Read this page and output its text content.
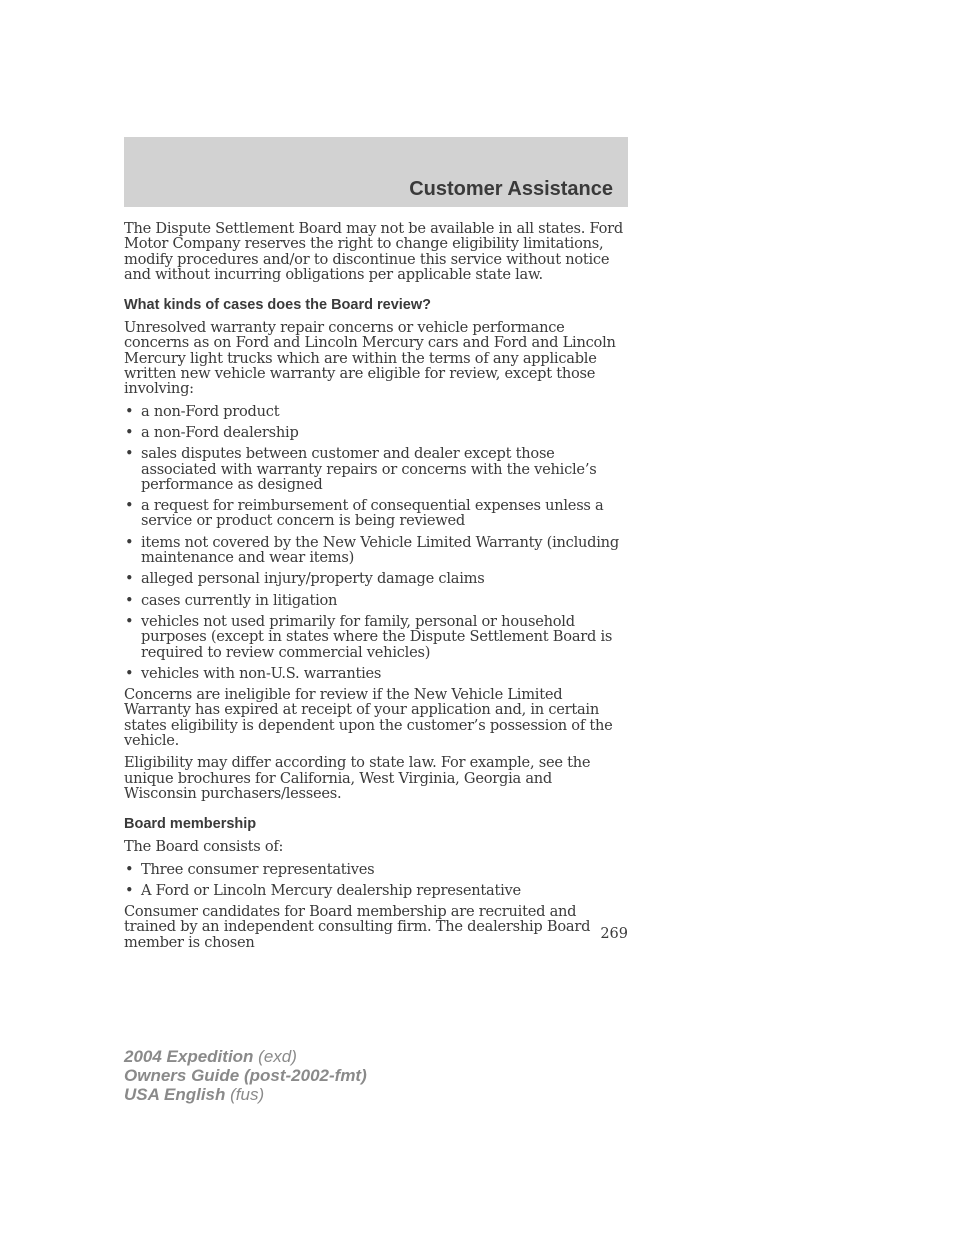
Customer Assistance

The Dispute Settlement Board may not be available in all states. Ford Motor Company reserves the right to change eligibility limitations, modify procedures and/or to discontinue this service without notice and without incurring obligations per applicable state law.

What kinds of cases does the Board review?

Unresolved warranty repair concerns or vehicle performance concerns as on Ford and Lincoln Mercury cars and Ford and Lincoln Mercury light trucks which are within the terms of any applicable written new vehicle warranty are eligible for review, except those involving:

• a non-Ford product
• a non-Ford dealership
• sales disputes between customer and dealer except those associated with warranty repairs or concerns with the vehicle’s performance as designed
• a request for reimbursement of consequential expenses unless a service or product concern is being reviewed
• items not covered by the New Vehicle Limited Warranty (including maintenance and wear items)
• alleged personal injury/property damage claims
• cases currently in litigation
• vehicles not used primarily for family, personal or household purposes (except in states where the Dispute Settlement Board is required to review commercial vehicles)
• vehicles with non-U.S. warranties

Concerns are ineligible for review if the New Vehicle Limited Warranty has expired at receipt of your application and, in certain states eligibility is dependent upon the customer’s possession of the vehicle.

Eligibility may differ according to state law. For example, see the unique brochures for California, West Virginia, Georgia and Wisconsin purchasers/lessees.

Board membership

The Board consists of:

• Three consumer representatives
• A Ford or Lincoln Mercury dealership representative

Consumer candidates for Board membership are recruited and trained by an independent consulting firm. The dealership Board member is chosen	269
2004 Expedition (exd)
Owners Guide (post-2002-fmt)
USA English (fus)
